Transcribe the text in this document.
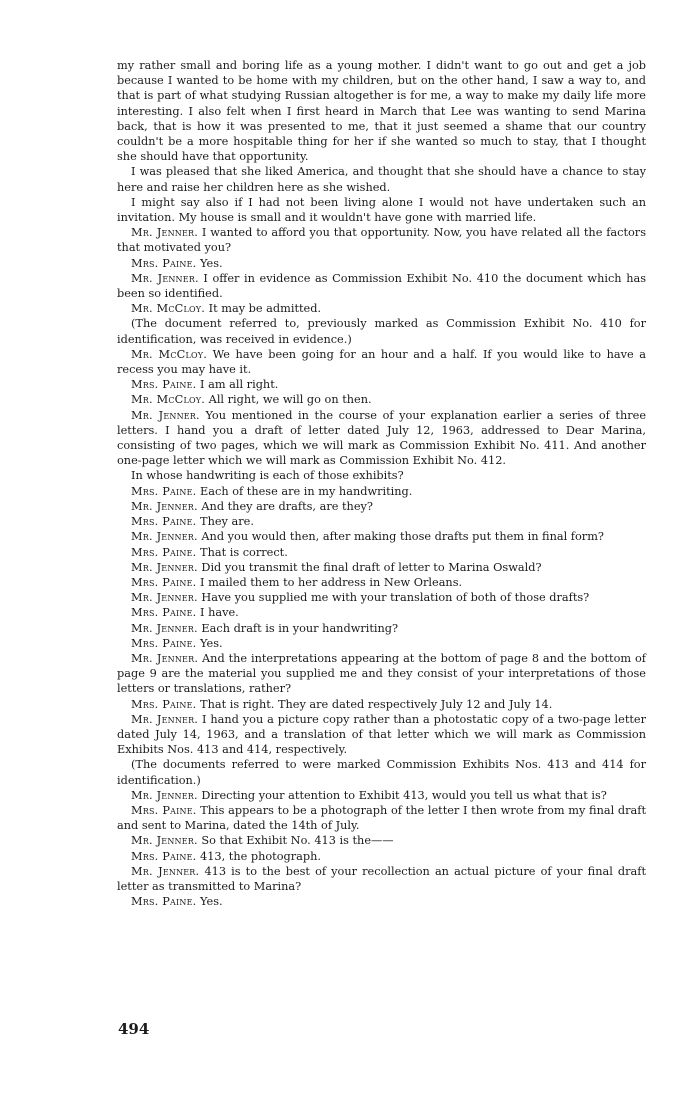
my rather small and boring life as a young mother. I didn't want to go out and get a job because I wanted to be home with my children, but on the other hand, I saw a way to, and that is part of what studying Russian altogether is for me, a way to make my daily life more interesting. I also felt when I first heard in March that Lee was wanting to send Marina back, that is how it was presented to me, that it just seemed a shame that our country couldn't be a more hospitable thing for her if she wanted so much to stay, that I thought she should have that opportunity.

I was pleased that she liked America, and thought that she should have a chance to stay here and raise her children here as she wished.

I might say also if I had not been living alone I would not have undertaken such an invitation. My house is small and it wouldn't have gone with married life.

Mr. Jenner. I wanted to afford you that opportunity. Now, you have related all the factors that motivated you?

Mrs. Paine. Yes.

Mr. Jenner. I offer in evidence as Commission Exhibit No. 410 the document which has been so identified.

Mr. McCloy. It may be admitted.

(The document referred to, previously marked as Commission Exhibit No. 410 for identification, was received in evidence.)

Mr. McCloy. We have been going for an hour and a half. If you would like to have a recess you may have it.

Mrs. Paine. I am all right.

Mr. McCloy. All right, we will go on then.

Mr. Jenner. You mentioned in the course of your explanation earlier a series of three letters. I hand you a draft of letter dated July 12, 1963, addressed to Dear Marina, consisting of two pages, which we will mark as Commission Exhibit No. 411. And another one-page letter which we will mark as Commission Exhibit No. 412.

In whose handwriting is each of those exhibits?

Mrs. Paine. Each of these are in my handwriting.

Mr. Jenner. And they are drafts, are they?

Mrs. Paine. They are.

Mr. Jenner. And you would then, after making those drafts put them in final form?

Mrs. Paine. That is correct.

Mr. Jenner. Did you transmit the final draft of letter to Marina Oswald?

Mrs. Paine. I mailed them to her address in New Orleans.

Mr. Jenner. Have you supplied me with your translation of both of those drafts?

Mrs. Paine. I have.

Mr. Jenner. Each draft is in your handwriting?

Mrs. Paine. Yes.

Mr. Jenner. And the interpretations appearing at the bottom of page 8 and the bottom of page 9 are the material you supplied me and they consist of your interpretations of those letters or translations, rather?

Mrs. Paine. That is right. They are dated respectively July 12 and July 14.

Mr. Jenner. I hand you a picture copy rather than a photostatic copy of a two-page letter dated July 14, 1963, and a translation of that letter which we will mark as Commission Exhibits Nos. 413 and 414, respectively.

(The documents referred to were marked Commission Exhibits Nos. 413 and 414 for identification.)

Mr. Jenner. Directing your attention to Exhibit 413, would you tell us what that is?

Mrs. Paine. This appears to be a photograph of the letter I then wrote from my final draft and sent to Marina, dated the 14th of July.

Mr. Jenner. So that Exhibit No. 413 is the——

Mrs. Paine. 413, the photograph.

Mr. Jenner. 413 is to the best of your recollection an actual picture of your final draft letter as transmitted to Marina?

Mrs. Paine. Yes.

494
